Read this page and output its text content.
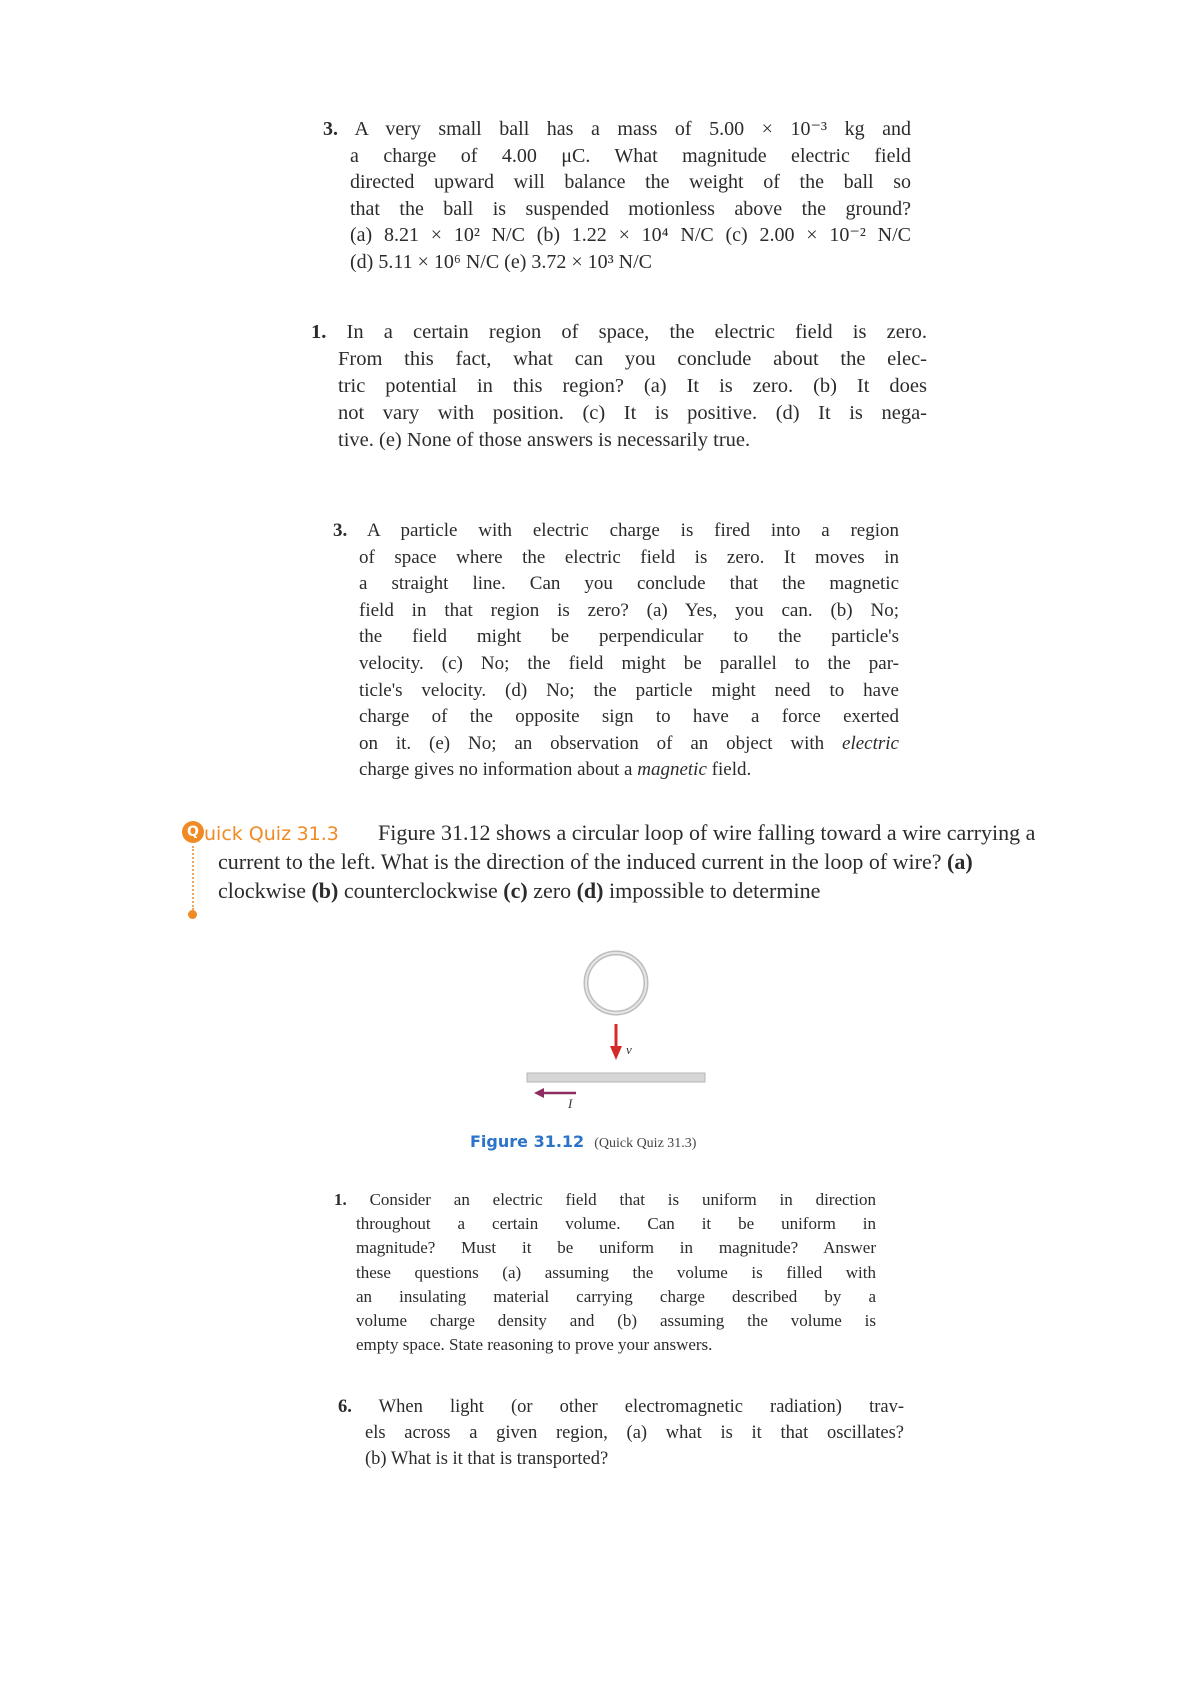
3. A very small ball has a mass of 5.00 × 10⁻³ kg and
a charge of 4.00 μC. What magnitude electric field
directed upward will balance the weight of the ball so
that the ball is suspended motionless above the ground?
(a) 8.21 × 10² N/C (b) 1.22 × 10⁴ N/C (c) 2.00 × 10⁻² N/C
(d) 5.11 × 10⁶ N/C (e) 3.72 × 10³ N/C
1. In a certain region of space, the electric field is zero.
From this fact, what can you conclude about the elec-
tric potential in this region? (a) It is zero. (b) It does
not vary with position. (c) It is positive. (d) It is nega-
tive. (e) None of those answers is necessarily true.
3. A particle with electric charge is fired into a region
of space where the electric field is zero. It moves in
a straight line. Can you conclude that the magnetic
field in that region is zero? (a) Yes, you can. (b) No;
the field might be perpendicular to the particle's
velocity. (c) No; the field might be parallel to the par-
ticle's velocity. (d) No; the particle might need to have
charge of the opposite sign to have a force exerted
on it. (e) No; an observation of an object with electric
charge gives no information about a magnetic field.
Q uick Quiz 31.3	Figure 31.12 shows a circular loop of wire falling toward a wire carrying a current to the left. What is the direction of the induced current in the loop of wire? (a) clockwise (b) counterclockwise (c) zero (d) impossible to determine
v⃗
I
Figure 31.12 (Quick Quiz 31.3)
1. Consider an electric field that is uniform in direction
throughout a certain volume. Can it be uniform in
magnitude? Must it be uniform in magnitude? Answer
these questions (a) assuming the volume is filled with
an insulating material carrying charge described by a
volume charge density and (b) assuming the volume is
empty space. State reasoning to prove your answers.
6. When light (or other electromagnetic radiation) trav-
els across a given region, (a) what is it that oscillates?
(b) What is it that is transported?
